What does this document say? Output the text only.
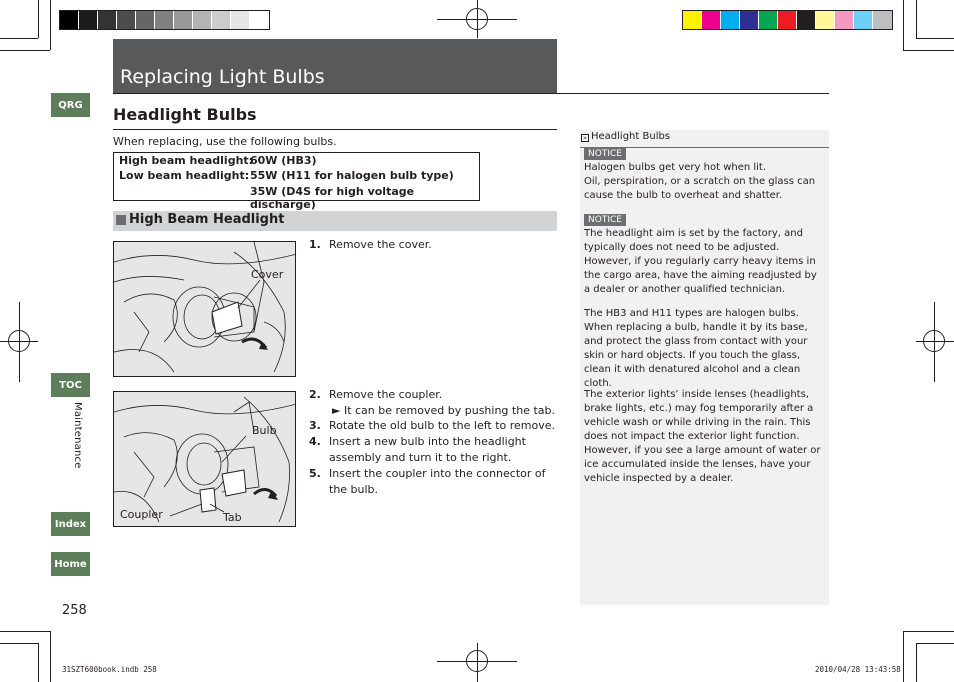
Replacing Light Bulbs
QRG
TOC
Maintenance
Index
Home
258
Headlight Bulbs
When replacing, use the following bulbs.
High beam headlight:
60W (HB3)
Low beam headlight: 55W (H11 for halogen bulb type)
35W (D4S for high voltage discharge)
High Beam Headlight
Cover
Bulb
Coupler	Tab
1. Remove the cover.
2. Remove the coupler.
► It can be removed by pushing the tab.
3. Rotate the old bulb to the left to remove.
4. Insert a new bulb into the headlight assembly and turn it to the right.
5. Insert the coupler into the connector of the bulb.
» Headlight Bulbs
NOTICE
Halogen bulbs get very hot when lit.
Oil, perspiration, or a scratch on the glass can cause the bulb to overheat and shatter.
NOTICE
The headlight aim is set by the factory, and typically does not need to be adjusted. However, if you regularly carry heavy items in the cargo area, have the aiming readjusted by a dealer or another qualified technician.
The HB3 and H11 types are halogen bulbs.
When replacing a bulb, handle it by its base, and protect the glass from contact with your skin or hard objects. If you touch the glass, clean it with denatured alcohol and a clean cloth.
The exterior lights’ inside lenses (headlights, brake lights, etc.) may fog temporarily after a vehicle wash or while driving in the rain. This does not impact the exterior light function.
However, if you see a large amount of water or ice accumulated inside the lenses, have your vehicle inspected by a dealer.
31SZT600book.indb 258	2010/04/28 13:43:58
